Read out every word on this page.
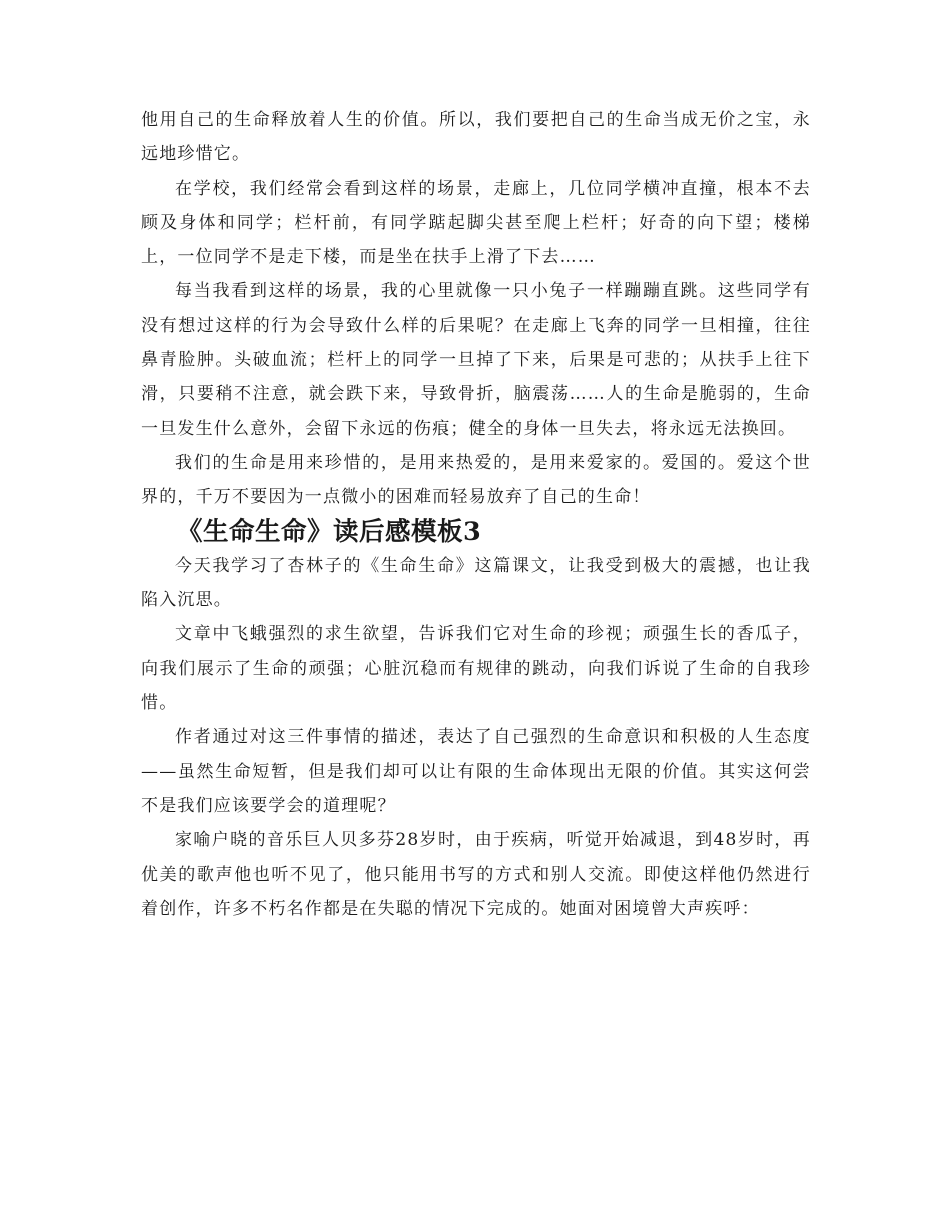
他用自己的生命释放着人生的价值。所以，我们要把自己的生命当成无价之宝，永远地珍惜它。

在学校，我们经常会看到这样的场景，走廊上，几位同学横冲直撞，根本不去顾及身体和同学；栏杆前，有同学踮起脚尖甚至爬上栏杆；好奇的向下望；楼梯上，一位同学不是走下楼，而是坐在扶手上滑了下去……

每当我看到这样的场景，我的心里就像一只小兔子一样蹦蹦直跳。这些同学有没有想过这样的行为会导致什么样的后果呢？在走廊上飞奔的同学一旦相撞，往往鼻青脸肿。头破血流；栏杆上的同学一旦掉了下来，后果是可悲的；从扶手上往下滑，只要稍不注意，就会跌下来，导致骨折，脑震荡……人的生命是脆弱的，生命一旦发生什么意外，会留下永远的伤痕；健全的身体一旦失去，将永远无法换回。

我们的生命是用来珍惜的，是用来热爱的，是用来爱家的。爱国的。爱这个世界的，千万不要因为一点微小的困难而轻易放弃了自己的生命！

《生命生命》读后感模板3

今天我学习了杏林子的《生命生命》这篇课文，让我受到极大的震撼，也让我陷入沉思。

文章中飞蛾强烈的求生欲望，告诉我们它对生命的珍视；顽强生长的香瓜子，向我们展示了生命的顽强；心脏沉稳而有规律的跳动，向我们诉说了生命的自我珍惜。

作者通过对这三件事情的描述，表达了自己强烈的生命意识和积极的人生态度——虽然生命短暂，但是我们却可以让有限的生命体现出无限的价值。其实这何尝不是我们应该要学会的道理呢？

家喻户晓的音乐巨人贝多芬28岁时，由于疾病，听觉开始减退，到48岁时，再优美的歌声他也听不见了，他只能用书写的方式和别人交流。即使这样他仍然进行着创作，许多不朽名作都是在失聪的情况下完成的。她面对困境曾大声疾呼：
